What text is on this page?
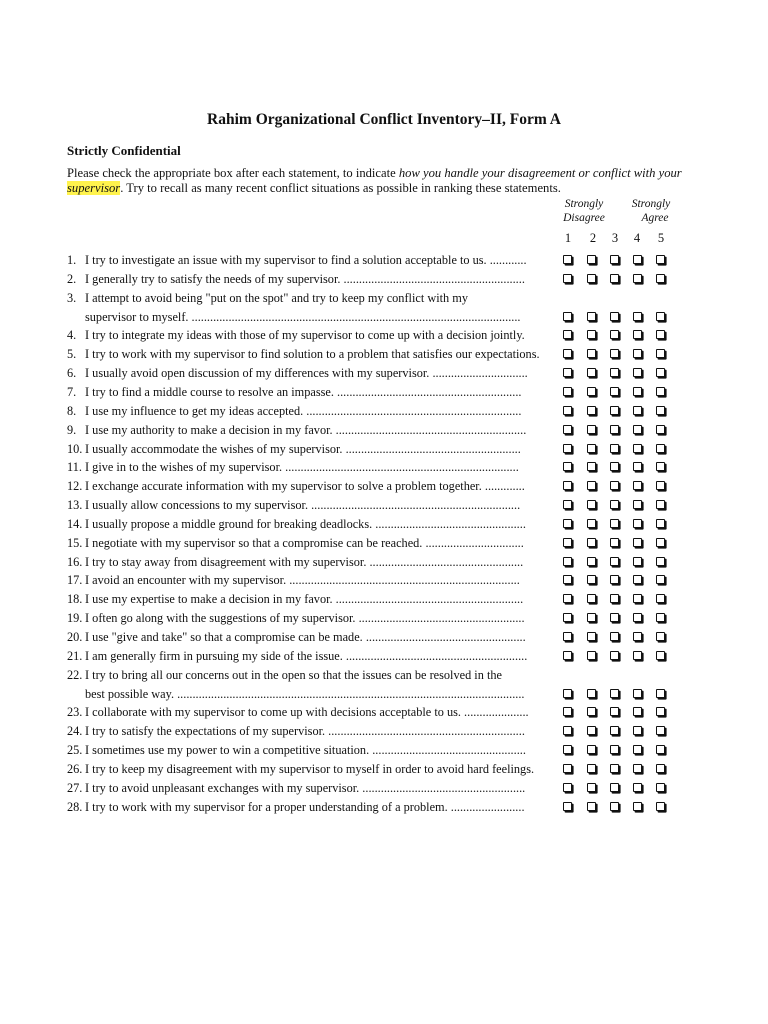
Rahim Organizational Conflict Inventory–II, Form A
Strictly Confidential
Please check the appropriate box after each statement, to indicate how you handle your disagreement or conflict with your supervisor. Try to recall as many recent conflict situations as possible in ranking these statements.
Strongly
Disagree
Strongly
Agree
1 2 3 4 5
1. I try to investigate an issue with my supervisor to find a solution acceptable to us. ............
2. I generally try to satisfy the needs of my supervisor. ...........................................................
3. I attempt to avoid being "put on the spot" and try to keep my conflict with my
supervisor to myself. ...........................................................................................................
4. I try to integrate my ideas with those of my supervisor to come up with a decision jointly.
5. I try to work with my supervisor to find solution to a problem that satisfies our expectations.
6. I usually avoid open discussion of my differences with my supervisor. ...............................
7. I try to find a middle course to resolve an impasse. ............................................................
8. I use my influence to get my ideas accepted. ......................................................................
9. I use my authority to make a decision in my favor. ..............................................................
10. I usually accommodate the wishes of my supervisor. .........................................................
11. I give in to the wishes of my supervisor. ............................................................................
12. I exchange accurate information with my supervisor to solve a problem together. .............
13. I usually allow concessions to my supervisor. ....................................................................
14. I usually propose a middle ground for breaking deadlocks. .................................................
15. I negotiate with my supervisor so that a compromise can be reached. ................................
16. I try to stay away from disagreement with my supervisor. ..................................................
17. I avoid an encounter with my supervisor. ...........................................................................
18. I use my expertise to make a decision in my favor. .............................................................
19. I often go along with the suggestions of my supervisor. ......................................................
20. I use "give and take" so that a compromise can be made. ....................................................
21. I am generally firm in pursuing my side of the issue. ...........................................................
22. I try to bring all our concerns out in the open so that the issues can be resolved in the
best possible way. .................................................................................................................
23. I collaborate with my supervisor to come up with decisions acceptable to us. .....................
24. I try to satisfy the expectations of my supervisor. ................................................................
25. I sometimes use my power to win a competitive situation. ..................................................
26. I try to keep my disagreement with my supervisor to myself in order to avoid hard feelings.
27. I try to avoid unpleasant exchanges with my supervisor. .....................................................
28. I try to work with my supervisor for a proper understanding of a problem. ........................
